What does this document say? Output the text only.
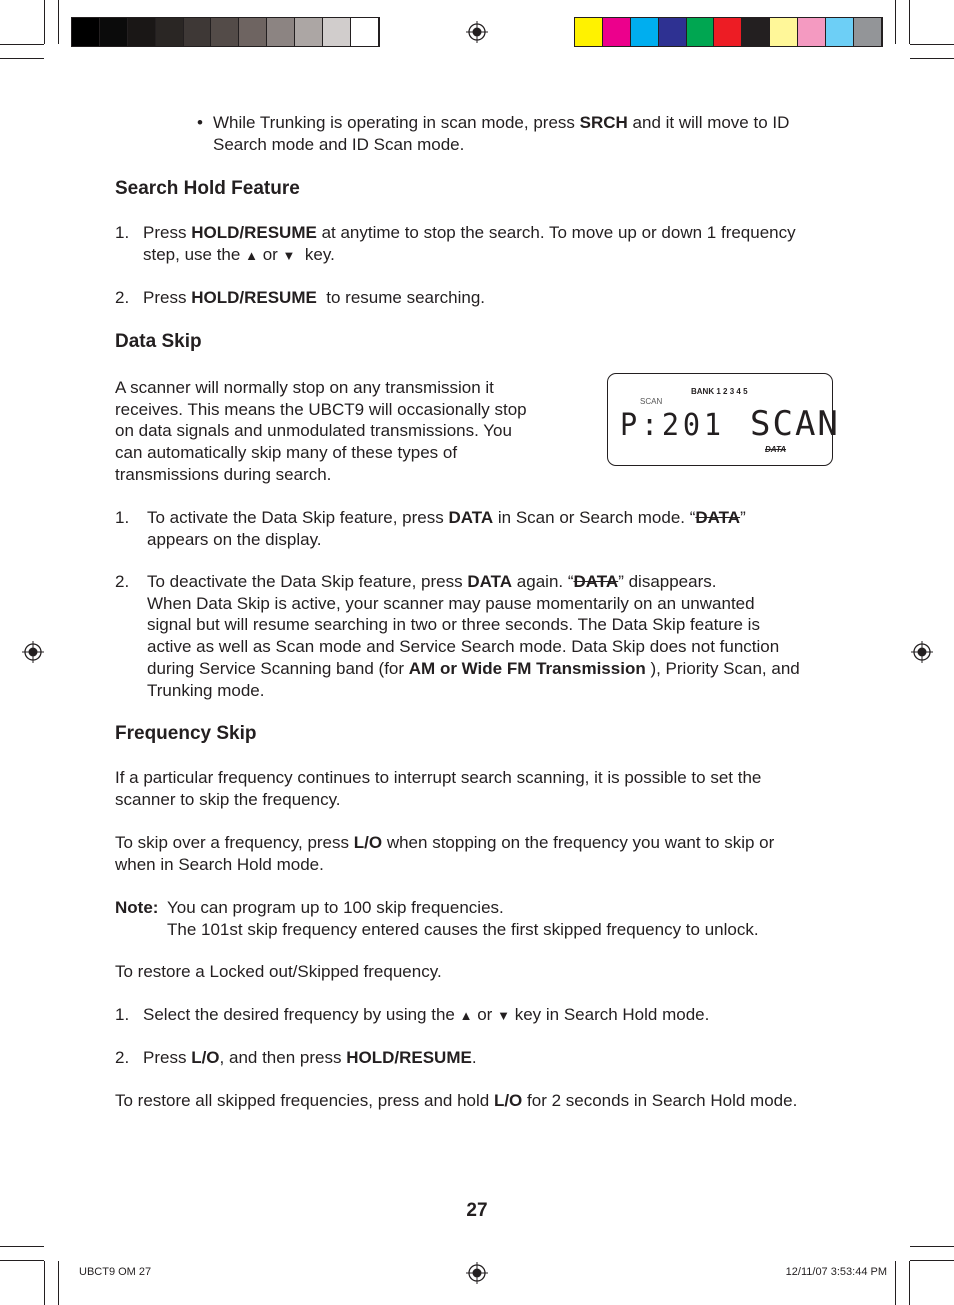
• While Trunking is operating in scan mode, press SRCH and it will move to ID
Search mode and ID Scan mode.
Search Hold Feature
1. Press HOLD/RESUME at anytime to stop the search. To move up or down 1 frequency
step, use the ▲ or ▼ key.
2. Press HOLD/RESUME to resume searching.
Data Skip
A scanner will normally stop on any transmission it
receives. This means the UBCT9 will occasionally stop
on data signals and unmodulated transmissions. You
can automatically skip many of these types of
transmissions during search.
BANK 1 2 3 4 5
SCAN
P:201 SCAN
DATA
1. To activate the Data Skip feature, press DATA in Scan or Search mode. “DATA”
appears on the display.
2. To deactivate the Data Skip feature, press DATA again. “DATA” disappears.
When Data Skip is active, your scanner may pause momentarily on an unwanted
signal but will resume searching in two or three seconds. The Data Skip feature is
active as well as Scan mode and Service Search mode. Data Skip does not function
during Service Scanning band (for AM or Wide FM Transmission ), Priority Scan, and
Trunking mode.
Frequency Skip
If a particular frequency continues to interrupt search scanning, it is possible to set the
scanner to skip the frequency.
To skip over a frequency, press L/O when stopping on the frequency you want to skip or
when in Search Hold mode.
Note: You can program up to 100 skip frequencies.
The 101st skip frequency entered causes the first skipped frequency to unlock.
To restore a Locked out/Skipped frequency.
1. Select the desired frequency by using the ▲ or ▼ key in Search Hold mode.
2. Press L/O, and then press HOLD/RESUME.
To restore all skipped frequencies, press and hold L/O for 2 seconds in Search Hold mode.
27
UBCT9 OM 27	12/11/07 3:53:44 PM
